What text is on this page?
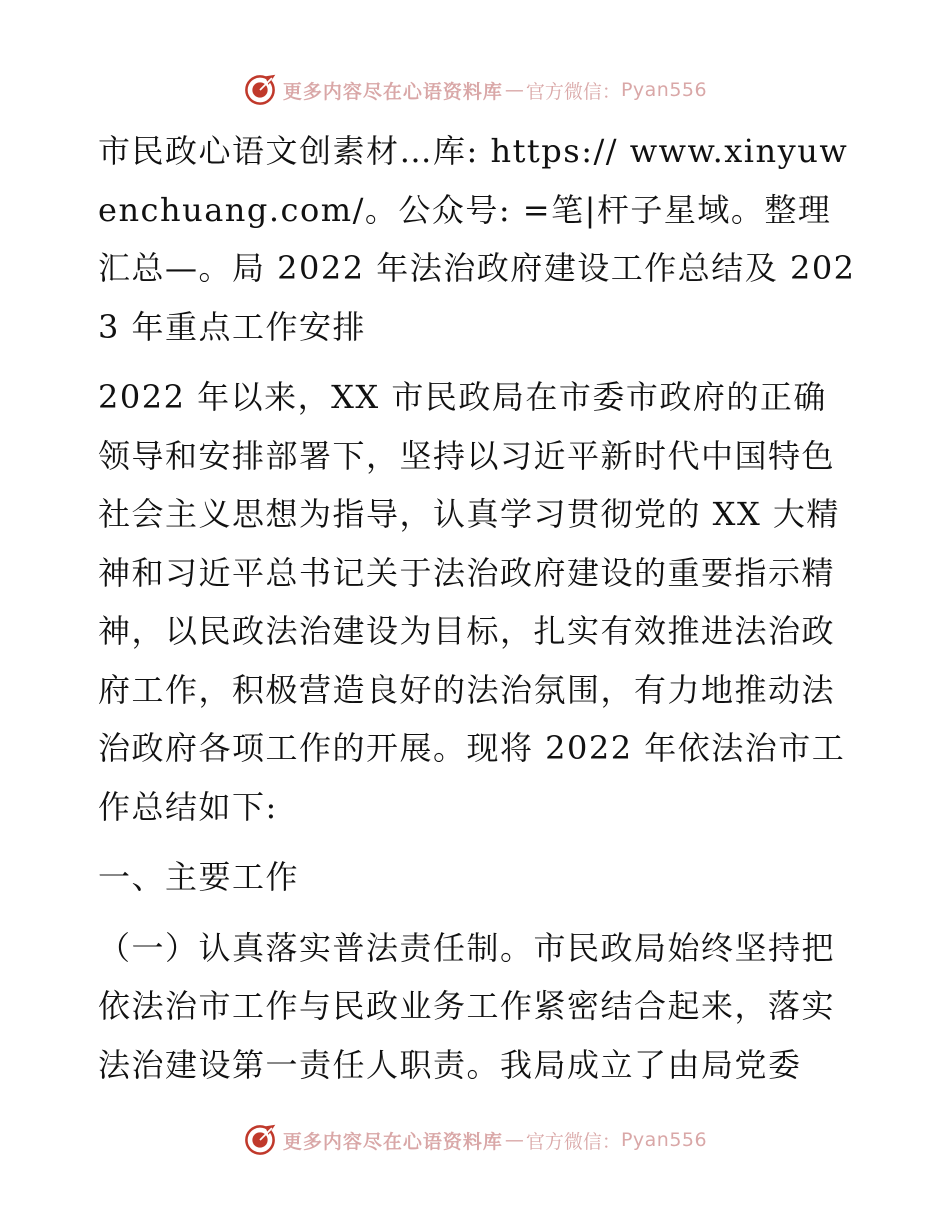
更多内容尽在心语资料库 — 官方微信： Pyan556

市民政心语文创素材…库: https:// www.xinyuwenchuang.com/。公众号: =笔|杆子星域。整理汇总—。局 2022 年法治政府建设工作总结及 2023 年重点工作安排

2022 年以来，XX 市民政局在市委市政府的正确领导和安排部署下，坚持以习近平新时代中国特色社会主义思想为指导，认真学习贯彻党的 XX 大精神和习近平总书记关于法治政府建设的重要指示精神，以民政法治建设为目标，扎实有效推进法治政府工作，积极营造良好的法治氛围，有力地推动法治政府各项工作的开展。现将 2022 年依法治市工作总结如下:

一、主要工作

（一）认真落实普法责任制。市民政局始终坚持把依法治市工作与民政业务工作紧密结合起来，落实法治建设第一责任人职责。我局成立了由局党委

更多内容尽在心语资料库 — 官方微信： Pyan556
